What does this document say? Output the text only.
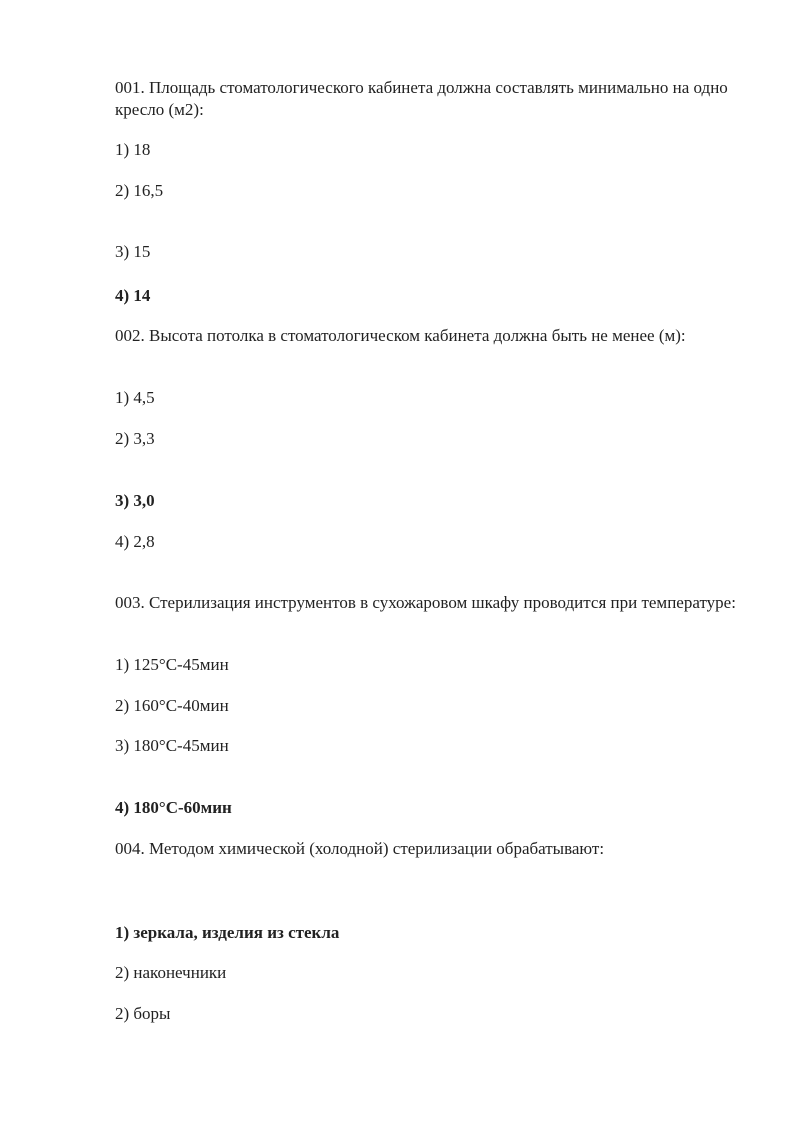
001. Площадь стоматологического кабинета должна составлять минимально на одно кресло (м2):
1) 18
2) 16,5
3) 15
4) 14
002. Высота потолка в стоматологическом кабинета должна быть не менее (м):
1) 4,5
2) 3,3
3) 3,0
4) 2,8
003. Стерилизация инструментов в сухожаровом шкафу проводится при температуре:
1) 125°С-45мин
2) 160°С-40мин
3) 180°С-45мин
4) 180°С-60мин
004. Методом химической (холодной) стерилизации обрабатывают:
1) зеркала, изделия из стекла
2) наконечники
2) боры
